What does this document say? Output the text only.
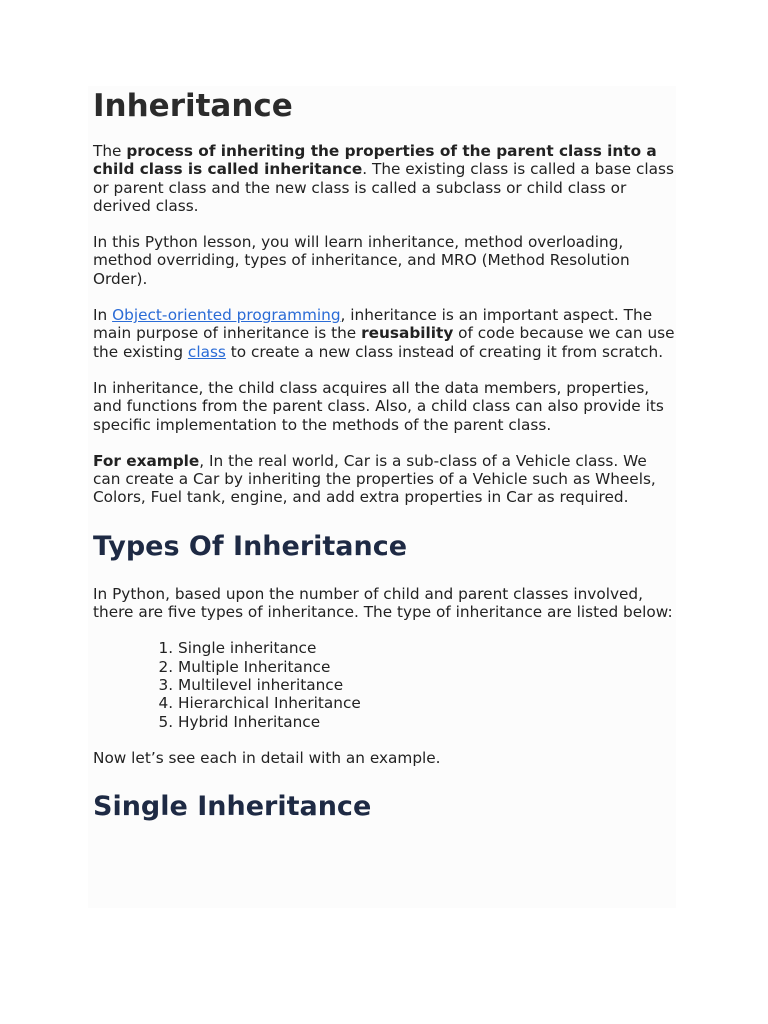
Inheritance

The process of inheriting the properties of the parent class into a child class is called inheritance. The existing class is called a base class or parent class and the new class is called a subclass or child class or derived class.

In this Python lesson, you will learn inheritance, method overloading, method overriding, types of inheritance, and MRO (Method Resolution Order).

In Object-oriented programming, inheritance is an important aspect. The main purpose of inheritance is the reusability of code because we can use the existing class to create a new class instead of creating it from scratch.

In inheritance, the child class acquires all the data members, properties, and functions from the parent class. Also, a child class can also provide its specific implementation to the methods of the parent class.

For example, In the real world, Car is a sub-class of a Vehicle class. We can create a Car by inheriting the properties of a Vehicle such as Wheels, Colors, Fuel tank, engine, and add extra properties in Car as required.

Types Of Inheritance

In Python, based upon the number of child and parent classes involved, there are five types of inheritance. The type of inheritance are listed below:

1. Single inheritance
2. Multiple Inheritance
3. Multilevel inheritance
4. Hierarchical Inheritance
5. Hybrid Inheritance

Now let’s see each in detail with an example.

Single Inheritance
